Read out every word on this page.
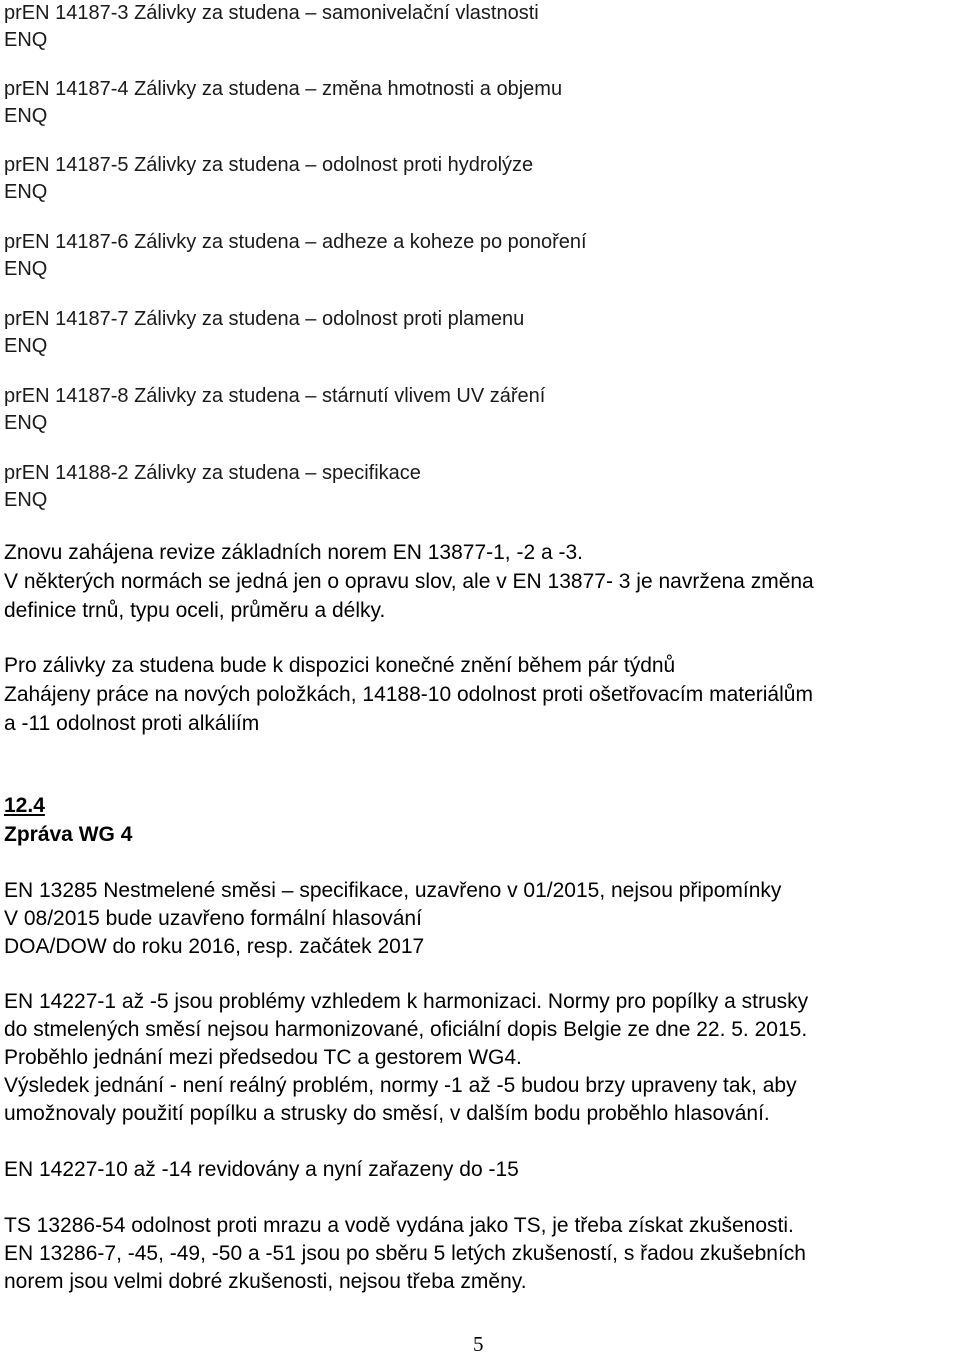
prEN 14187-3 Zálivky za studena – samonivelační vlastnosti
ENQ
prEN 14187-4 Zálivky za studena – změna hmotnosti a objemu
ENQ
prEN 14187-5 Zálivky za studena – odolnost proti hydrolýze
ENQ
prEN 14187-6 Zálivky za studena – adheze a koheze po ponoření
ENQ
prEN 14187-7 Zálivky za studena – odolnost proti plamenu
ENQ
prEN 14187-8 Zálivky za studena – stárnutí vlivem UV záření
ENQ
prEN 14188-2 Zálivky za studena – specifikace
ENQ
Znovu zahájena revize základních norem EN 13877-1, -2 a -3.
V některých normách se jedná jen o opravu slov, ale v EN 13877- 3 je navržena změna
definice trnů, typu oceli, průměru a délky.
Pro zálivky za studena bude k dispozici konečné znění během pár týdnů
Zahájeny práce na nových položkách, 14188-10 odolnost proti ošetřovacím materiálům
a -11 odolnost proti alkáliím
12.4
Zpráva WG 4
EN 13285 Nestmelené směsi – specifikace, uzavřeno v 01/2015, nejsou připomínky
V 08/2015 bude uzavřeno formální hlasování
DOA/DOW do roku 2016, resp. začátek 2017
EN 14227-1 až -5 jsou problémy vzhledem k harmonizaci. Normy pro popílky a strusky
do stmelených směsí nejsou harmonizované, oficiální dopis Belgie ze dne 22. 5. 2015.
Proběhlo jednání mezi předsedou TC a gestorem WG4.
Výsledek jednání - není reálný problém, normy -1 až -5 budou brzy upraveny tak, aby
umožnovaly použití popílku a strusky do směsí, v dalším bodu proběhlo hlasování.
EN 14227-10 až -14 revidovány a nyní zařazeny do -15
TS 13286-54 odolnost proti mrazu a vodě vydána jako TS, je třeba získat zkušenosti.
EN 13286-7, -45, -49, -50 a -51 jsou po sběru 5 letých zkušeností, s řadou zkušebních
norem jsou velmi dobré zkušenosti, nejsou třeba změny.
5
